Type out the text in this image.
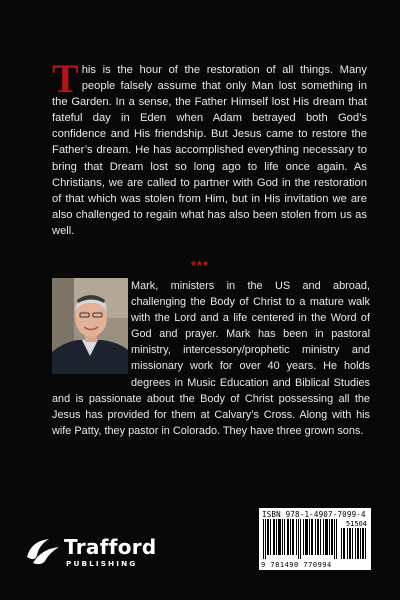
This is the hour of the restoration of all things. Many people falsely assume that only Man lost something in the Garden. In a sense, the Father Himself lost His dream that fateful day in Eden when Adam betrayed both God’s confidence and His friendship. But Jesus came to restore the Father’s dream. He has accomplished everything necessary to bring that Dream lost so long ago to life once again. As Christians, we are called to partner with God in the restoration of that which was stolen from Him, but in His invitation we are also challenged to regain what has also been stolen from us as well.
***
Mark, ministers in the US and abroad, challenging the Body of Christ to a mature walk with the Lord and a life centered in the Word of God and prayer. Mark has been in pastoral ministry, intercessory/prophetic ministry and missionary work for over 40 years. He holds degrees in Music Education and Biblical Studies and is passionate about the Body of Christ possessing all the Jesus has provided for them at Calvary’s Cross. Along with his wife Patty, they pastor in Colorado. They have three grown sons.
ISBN 978-1-4907-7099-4
51504
9 781490 770994
Trafford
PUBLISHING
